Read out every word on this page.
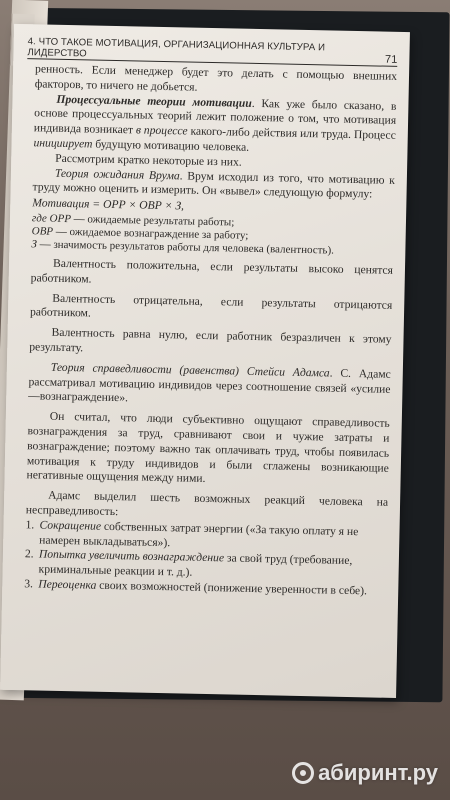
4. ЧТО ТАКОЕ МОТИВАЦИЯ, ОРГАНИЗАЦИОННАЯ КУЛЬТУРА И ЛИДЕРСТВО
71

ренность. Если менеджер будет это делать с помощью внешних факторов, то ничего не добьется.

Процессуальные теории мотивации. Как уже было сказано, в основе процессуальных теорий лежит положение о том, что мотивация индивида возникает в процессе какого-либо действия или труда. Процесс инициирует будущую мотивацию человека.

Рассмотрим кратко некоторые из них.

Теория ожидания Врума. Врум исходил из того, что мотивацию к труду можно оценить и измерить. Он «вывел» следующую формулу:

Мотивация = ОРР × ОВР × З,

где ОРР — ожидаемые результаты работы;
ОВР — ожидаемое вознаграждение за работу;
З — значимость результатов работы для человека (валентность).

Валентность положительна, если результаты высоко ценятся работником.

Валентность отрицательна, если результаты отрицаются работником.

Валентность равна нулю, если работник безразличен к этому результату.

Теория справедливости (равенства) Стейси Адамса. С. Адамс рассматривал мотивацию индивидов через соотношение связей «усилие—вознаграждение».

Он считал, что люди субъективно ощущают справедливость вознаграждения за труд, сравнивают свои и чужие затраты и вознаграждение; поэтому важно так оплачивать труд, чтобы появилась мотивация к труду индивидов и были сглажены возникающие негативные ощущения между ними.

Адамс выделил шесть возможных реакций человека на несправедливость:

1. Сокращение собственных затрат энергии («За такую оплату я не намерен выкладываться»).
2. Попытка увеличить вознаграждение за свой труд (требование, криминальные реакции и т. д.).
3. Переоценка своих возможностей (понижение уверенности в себе).
абиринт.ру
